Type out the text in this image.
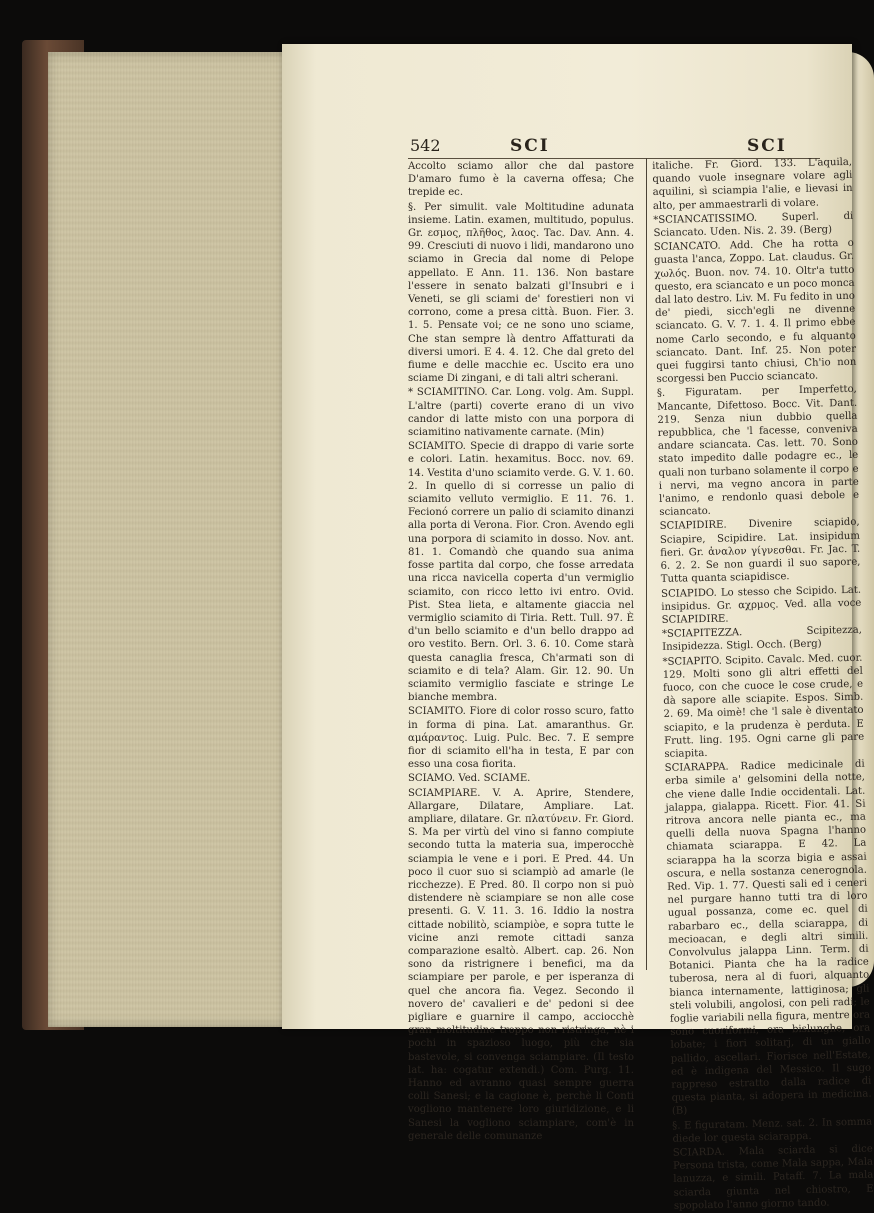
542	SCI	SCI

Accolto sciamo allor che dal pastore D'amaro fumo è la caverna offesa; Che trepide ec.

§. Per simulit. vale Moltitudine adunata insieme. Latin. examen, multitudo, populus. Gr. εσμος, πλῆθος, λαος. Tac. Dav. Ann. 4. 99. Cresciuti di nuovo i lidi, mandarono uno sciamo in Grecia dal nome di Pelope appellato. E Ann. 11. 136. Non bastare l'essere in senato balzati gl'Insubri e i Veneti, se gli sciami de' forestieri non vi corrono, come a presa città. Buon. Fier. 3. 1. 5. Pensate voi; ce ne sono uno sciame, Che stan sempre là dentro Affatturati da diversi umori. E 4. 4. 12. Che dal greto del fiume e delle macchie ec. Uscito era uno sciame Di zingani, e di tali altri scherani.

* SCIAMITINO. Car. Long. volg. Am. Suppl. L'altre (parti) coverte erano di un vivo candor di latte misto con una porpora di sciamitino nativamente carnate. (Min)

SCIAMITO. Specie di drappo di varie sorte e colori. Latin. hexamitus. Bocc. nov. 69. 14. Vestita d'uno sciamito verde. G. V. 1. 60. 2. In quello di si corresse un palio di sciamito velluto vermiglio. E 11. 76. 1. Fecionó correre un palio di sciamito dinanzi alla porta di Verona. Fior. Cron. Avendo egli una porpora di sciamito in dosso. Nov. ant. 81. 1. Comandò che quando sua anima fosse partita dal corpo, che fosse arredata una ricca navicella coperta d'un vermiglio sciamito, con ricco letto ivi entro. Ovid. Pist. Stea lieta, e altamente giaccia nel vermiglio sciamito di Tiria. Rett. Tull. 97. È d'un bello sciamito e d'un bello drappo ad oro vestito. Bern. Orl. 3. 6. 10. Come starà questa canaglia fresca, Ch'armati son di sciamito e di tela? Alam. Gir. 12. 90. Un sciamito vermiglio fasciate e stringe Le bianche membra.

SCIAMITO. Fiore di color rosso scuro, fatto in forma di pina. Lat. amaranthus. Gr. αμάραντος. Luig. Pulc. Bec. 7. E sempre fior di sciamito ell'ha in testa, E par con esso una cosa fiorita.

SCIAMO. Ved. SCIAME.

SCIAMPIARE. V. A. Aprire, Stendere, Allargare, Dilatare, Ampliare. Lat. ampliare, dilatare. Gr. πλατύνειν. Fr. Giord. S. Ma per virtù del vino si fanno compiute secondo tutta la materia sua, imperocchè sciampia le vene e i pori. E Pred. 44. Un poco il cuor suo si sciampiò ad amarle (le ricchezze). E Pred. 80. Il corpo non si può distendere nè sciampiare se non alle cose presenti. G. V. 11. 3. 16. Iddio la nostra cittade nobilitò, sciampiòe, e sopra tutte le vicine anzi remote cittadi sanza comparazione esaltò. Albert. cap. 26. Non sono da ristrignere i benefici, ma da sciampiare per parole, e per isperanza di quel che ancora fia. Vegez. Secondo il novero de' cavalieri e de' pedoni si dee pigliare e guarnire il campo, acciocchè gran moltitudine troppo non ristringa, nè i pochi in spazioso luogo, più che sia bastevole, si convenga sciampiare. (Il testo lat. ha: cogatur extendi.) Com. Purg. 11. Hanno ed avranno quasi sempre guerra colli Sanesi; e la cagione è, perchè li Conti vogliono mantenere loro giuridizione, e li Sanesi la vogliono sciampiare, com'è in generale delle comunanze

italiche. Fr. Giord. 133. L'aquila, quando vuole insegnare volare agli aquilini, sì sciampia l'alie, e lievasi in alto, per ammaestrarli di volare.

*SCIANCATISSIMO. Superl. di Sciancato. Uden. Nis. 2. 39. (Berg)

SCIANCATO. Add. Che ha rotta o guasta l'anca, Zoppo. Lat. claudus. Gr. χωλός. Buon. nov. 74. 10. Oltr'a tutto questo, era sciancato e un poco monca dal lato destro. Liv. M. Fu fedito in uno de' piedi, sicch'egli ne divenne sciancato. G. V. 7. 1. 4. Il primo ebbe nome Carlo secondo, e fu alquanto sciancato. Dant. Inf. 25. Non poter quei fuggirsi tanto chiusi, Ch'io non scorgessi ben Puccio sciancato.

§. Figuratam. per Imperfetto, Mancante, Difettoso. Bocc. Vit. Dant. 219. Senza niun dubbio quella repubblica, che 'l facesse, conveniva andare sciancata. Cas. lett. 70. Sono stato impedito dalle podagre ec., le quali non turbano solamente il corpo e i nervi, ma vegno ancora in parte l'animo, e rendonlo quasi debole e sciancato.

SCIAPIDIRE. Divenire sciapido, Sciapire, Scipidire. Lat. insipidum fieri. Gr. ἀναλον γίγνεσθαι. Fr. Jac. T. 6. 2. 2. Se non guardi il suo sapore, Tutta quanta sciapidisce.

SCIAPIDO. Lo stesso che Scipido. Lat. insipidus. Gr. αχρμος. Ved. alla voce SCIAPIDIRE.

*SCIAPITEZZA. Scipitezza, Insipidezza. Stigl. Occh. (Berg)

*SCIAPITO. Scipito. Cavalc. Med. cuor. 129. Molti sono gli altri effetti del fuoco, con che cuoce le cose crude, e dà sapore alle sciapite. Espos. Simb. 2. 69. Ma oimè! che 'l sale è diventato sciapito, e la prudenza è perduta. E Frutt. ling. 195. Ogni carne gli pare sciapita.

SCIARAPPA. Radice medicinale di erba simile a' gelsomini della notte, che viene dalle Indie occidentali. Lat. jalappa, gialappa. Ricett. Fior. 41. Si ritrova ancora nelle pianta ec., ma quelli della nuova Spagna l'hanno chiamata sciarappa. E 42. La sciarappa ha la scorza bigia e assai oscura, e nella sostanza cenerognola. Red. Vip. 1. 77. Questi sali ed i ceneri nel purgare hanno tutti tra di loro ugual possanza, come ec. quel di rabarbaro ec., della sciarappa, di mecioacan, e degli altri simili. Convolvulus jalappa Linn. Term. di Botanici. Pianta che ha la radice tuberosa, nera al di fuori, alquanto bianca internamente, lattiginosa; gli steli volubili, angolosi, con peli radi; le foglie variabili nella figura, mentre ora sono cuoriformi, ora bislunghe, ora lobate; i fiori solitarj, di un giallo pallido, ascellari. Fiorisce nell'Estate, ed è indigena del Messico. Il sugo rappreso estratto dalla radice di questa pianta, si adopera in medicina. (B)

§. E figuratam. Menz. sat. 2. In somma diede lor questa sciarappa.

SCIARDA. Mala sciarda si dice Persona trista, come Mala sappa, Mala lanuzza, e simili. Pataff. 7. La mala sciarda giunta nel chiostro, E spopolato l'anno giorno tando.
